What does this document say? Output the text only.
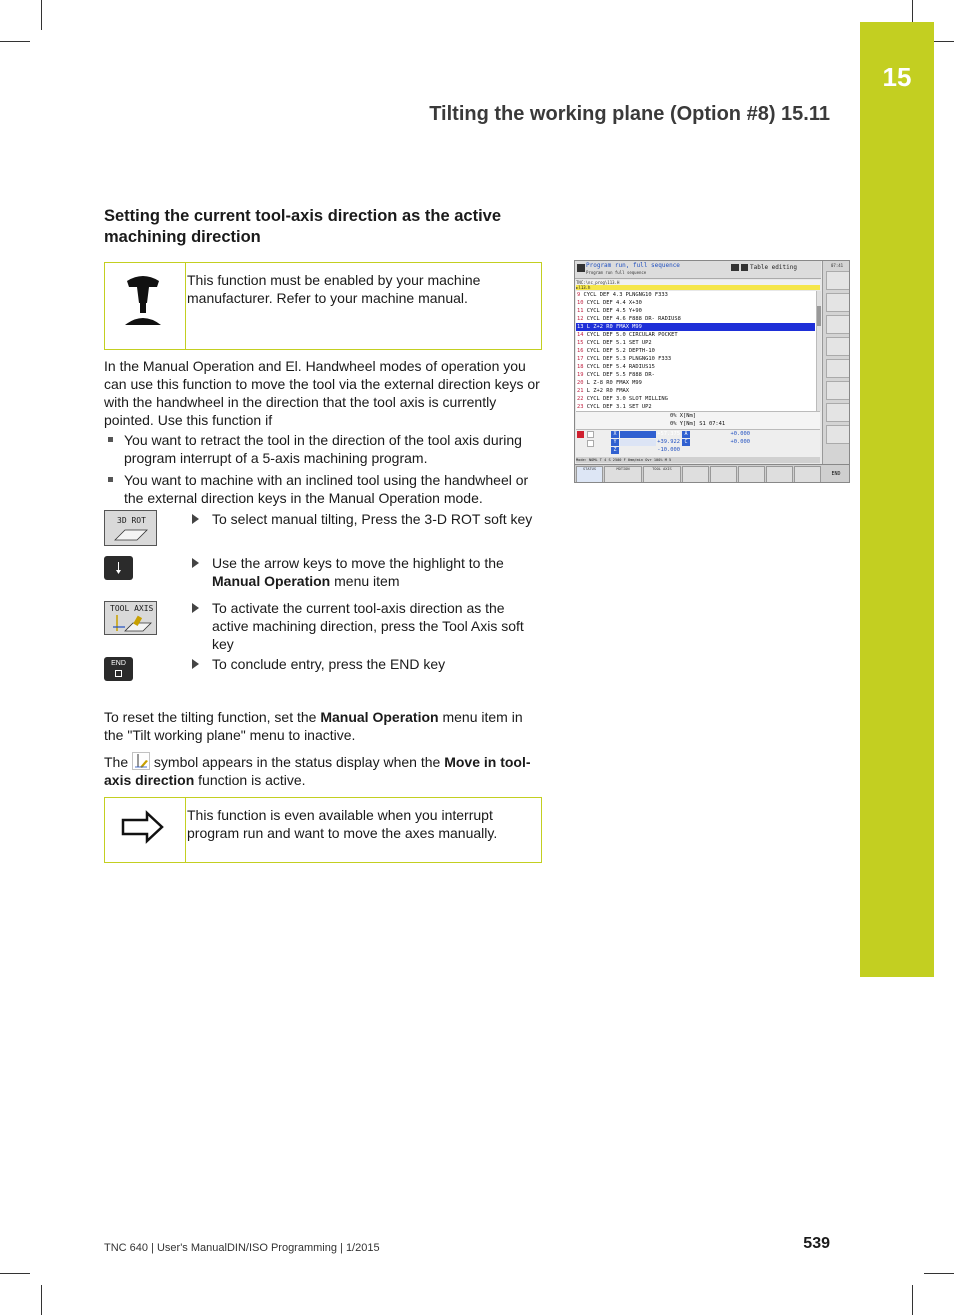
15
Tilting the working plane (Option #8) 15.11
Setting the current tool-axis direction as the active machining direction
This function must be enabled by your machine manufacturer. Refer to your machine manual.
In the Manual Operation and El. Handwheel modes of operation you can use this function to move the tool via the external direction keys or with the handwheel in the direction that the tool axis is currently pointed. Use this function if
You want to retract the tool in the direction of the tool axis during program interrupt of a 5-axis machining program.
You want to machine with an inclined tool using the handwheel or the external direction keys in the Manual Operation mode.
3D ROT	To select manual tilting, Press the 3-D ROT soft key
Use the arrow keys to move the highlight to the Manual Operation menu item
TOOL AXIS	To activate the current tool-axis direction as the active machining direction, press the Tool Axis soft key
END	To conclude entry, press the END key
To reset the tilting function, set the Manual Operation menu item in the "Tilt working plane" menu to inactive.
The  symbol appears in the status display when the Move in tool-axis direction function is active.
This function is even available when you interrupt program run and want to move the axes manually.
Program run, full sequence
Program run full sequence
Table editing	07:41
TNC:\nc_prog\113.H
►l13.h
9 CYCL DEF 4.3 PLNGNG10 F333
10 CYCL DEF 4.4 X+30
11 CYCL DEF 4.5 Y+90
12 CYCL DEF 4.6 F888 DR- RADIUS8
13 L Z+2 R0 FMAX M99
14 CYCL DEF 5.0 CIRCULAR POCKET
15 CYCL DEF 5.1 SET UP2
16 CYCL DEF 5.2 DEPTH-10
17 CYCL DEF 5.3 PLNGNG10 F333
18 CYCL DEF 5.4 RADIUS15
19 CYCL DEF 5.5 F888 DR-
20 L Z-8 R0 FMAX M99
21 L Z+2 R0 FMAX
22 CYCL DEF 3.0 SLOT MILLING
23 CYCL DEF 3.1 SET UP2
0% X[Nm]
0% Y[Nm] S1 07:41
X	+57.375 A	+0.000
Y	+39.922 C	+0.000
Z	-10.000
Mode: NOML T 4 S 2500 F 0mm/min Ovr 100% M 5
STATUS	MOTION	TOOL AXIS
END
TNC 640 | User's ManualDIN/ISO Programming | 1/2015	539
